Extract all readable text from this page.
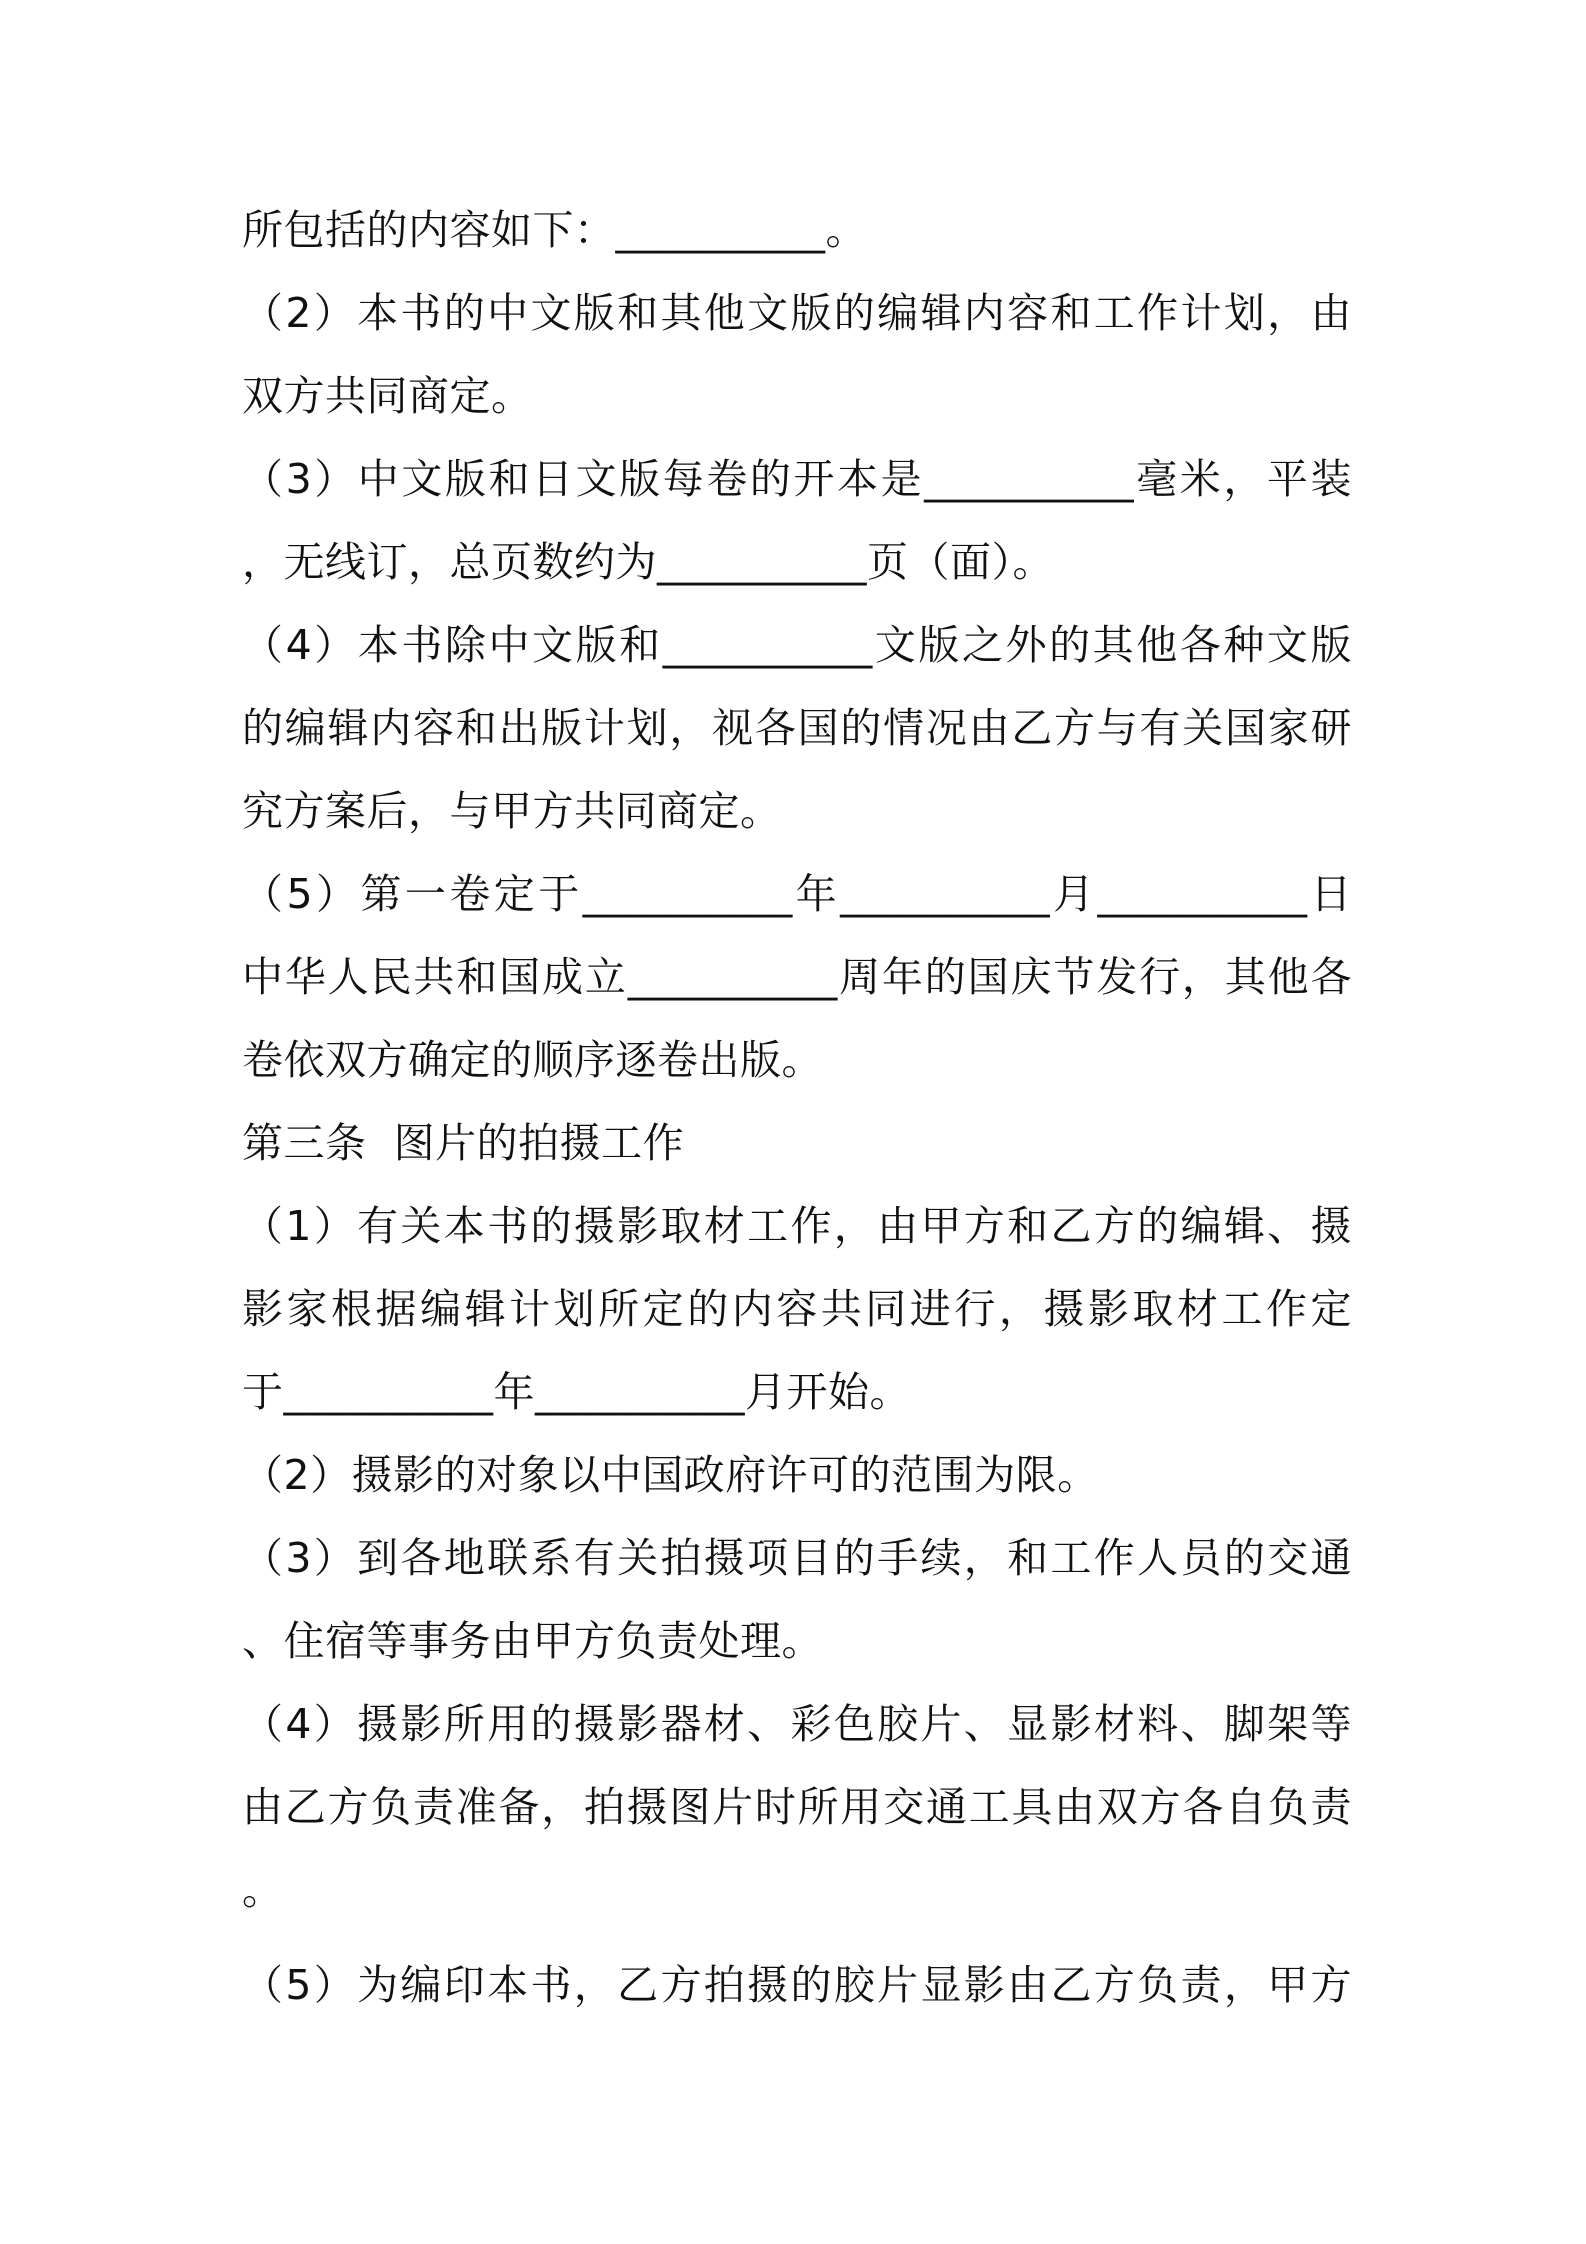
所包括的内容如下：__________。
（2）本书的中文版和其他文版的编辑内容和工作计划，由
双方共同商定。
（3）中文版和日文版每卷的开本是__________毫米，平装
，无线订，总页数约为__________页（面）。
（4）本书除中文版和__________文版之外的其他各种文版
的编辑内容和出版计划，视各国的情况由乙方与有关国家研
究方案后，与甲方共同商定。
（5）第一卷定于__________年__________月__________日
中华人民共和国成立__________周年的国庆节发行，其他各
卷依双方确定的顺序逐卷出版。
第三条  图片的拍摄工作
（1）有关本书的摄影取材工作，由甲方和乙方的编辑、摄
影家根据编辑计划所定的内容共同进行，摄影取材工作定
于__________年__________月开始。
（2）摄影的对象以中国政府许可的范围为限。
（3）到各地联系有关拍摄项目的手续，和工作人员的交通
、住宿等事务由甲方负责处理。
（4）摄影所用的摄影器材、彩色胶片、显影材料、脚架等
由乙方负责准备，拍摄图片时所用交通工具由双方各自负责
。
（5）为编印本书，乙方拍摄的胶片显影由乙方负责，甲方
